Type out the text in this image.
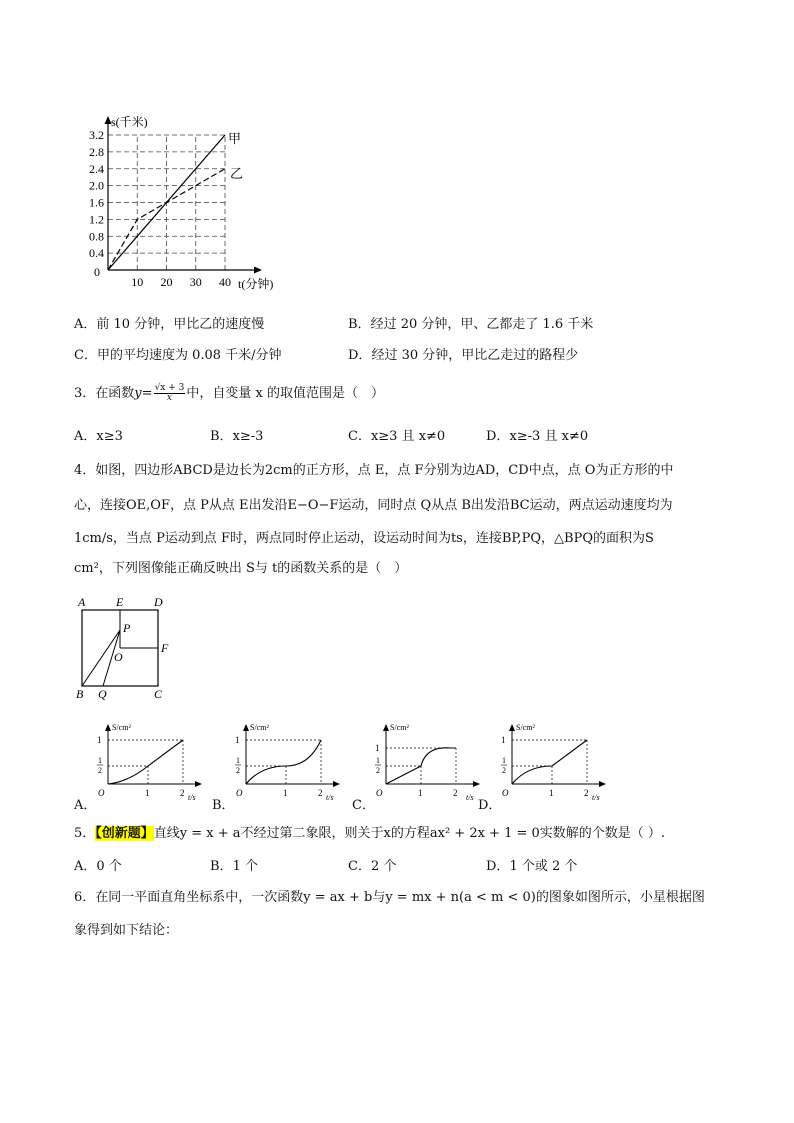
0.4
0.8
1.2
1.6
2.0
2.4
2.8
3.2
10 20 30 40
s(千米)
t(分钟)
0
甲
乙
A．前 10 分钟，甲比乙的速度慢	B．经过 20 分钟，甲、乙都走了 1.6 千米
C．甲的平均速度为 0.08 千米/分钟	D．经过 30 分钟，甲比乙走过的路程少
3．在函数$y= \frac{√x + 3}{x}$ 中，自变量 x 的取值范围是（　）
A．x≥3	B．x≥-3	C．x≥3 且 x≠0	D．x≥-3 且 x≠0
4．如图，四边形ABCD是边长为2cm的正方形，点 E，点 F分别为边AD，CD中点，点 O为正方形的中
心，连接OE,OF，点 P从点 E出发沿E−O−F运动，同时点 Q从点 B出发沿BC运动，两点运动速度均为
1cm/s，当点 P运动到点 F时，两点同时停止运动，设运动时间为ts，连接BP,PQ，△BPQ的面积为S
cm²，下列图像能正确反映出 S与 t的函数关系的是（　）
A	E	D
P
O
F
B Q	C
A．
S/cm²
t/s
O	1	2
1
1
2
B．
S/cm²
t/s
O	1	2
1
1
2
C．
S/cm²
t/s
O	1	2
1
1
2
D．
S/cm²
t/s
O	1	2
1
1
2
5．【创新题】直线y = x + a不经过第二象限，则关于x的方程ax² + 2x + 1 = 0实数解的个数是（ ）.
A．0 个	B．1 个	C．2 个	D．1 个或 2 个
6．在同一平面直角坐标系中，一次函数y = ax + b与y = mx + n(a < m < 0)的图象如图所示，小星根据图
象得到如下结论：
